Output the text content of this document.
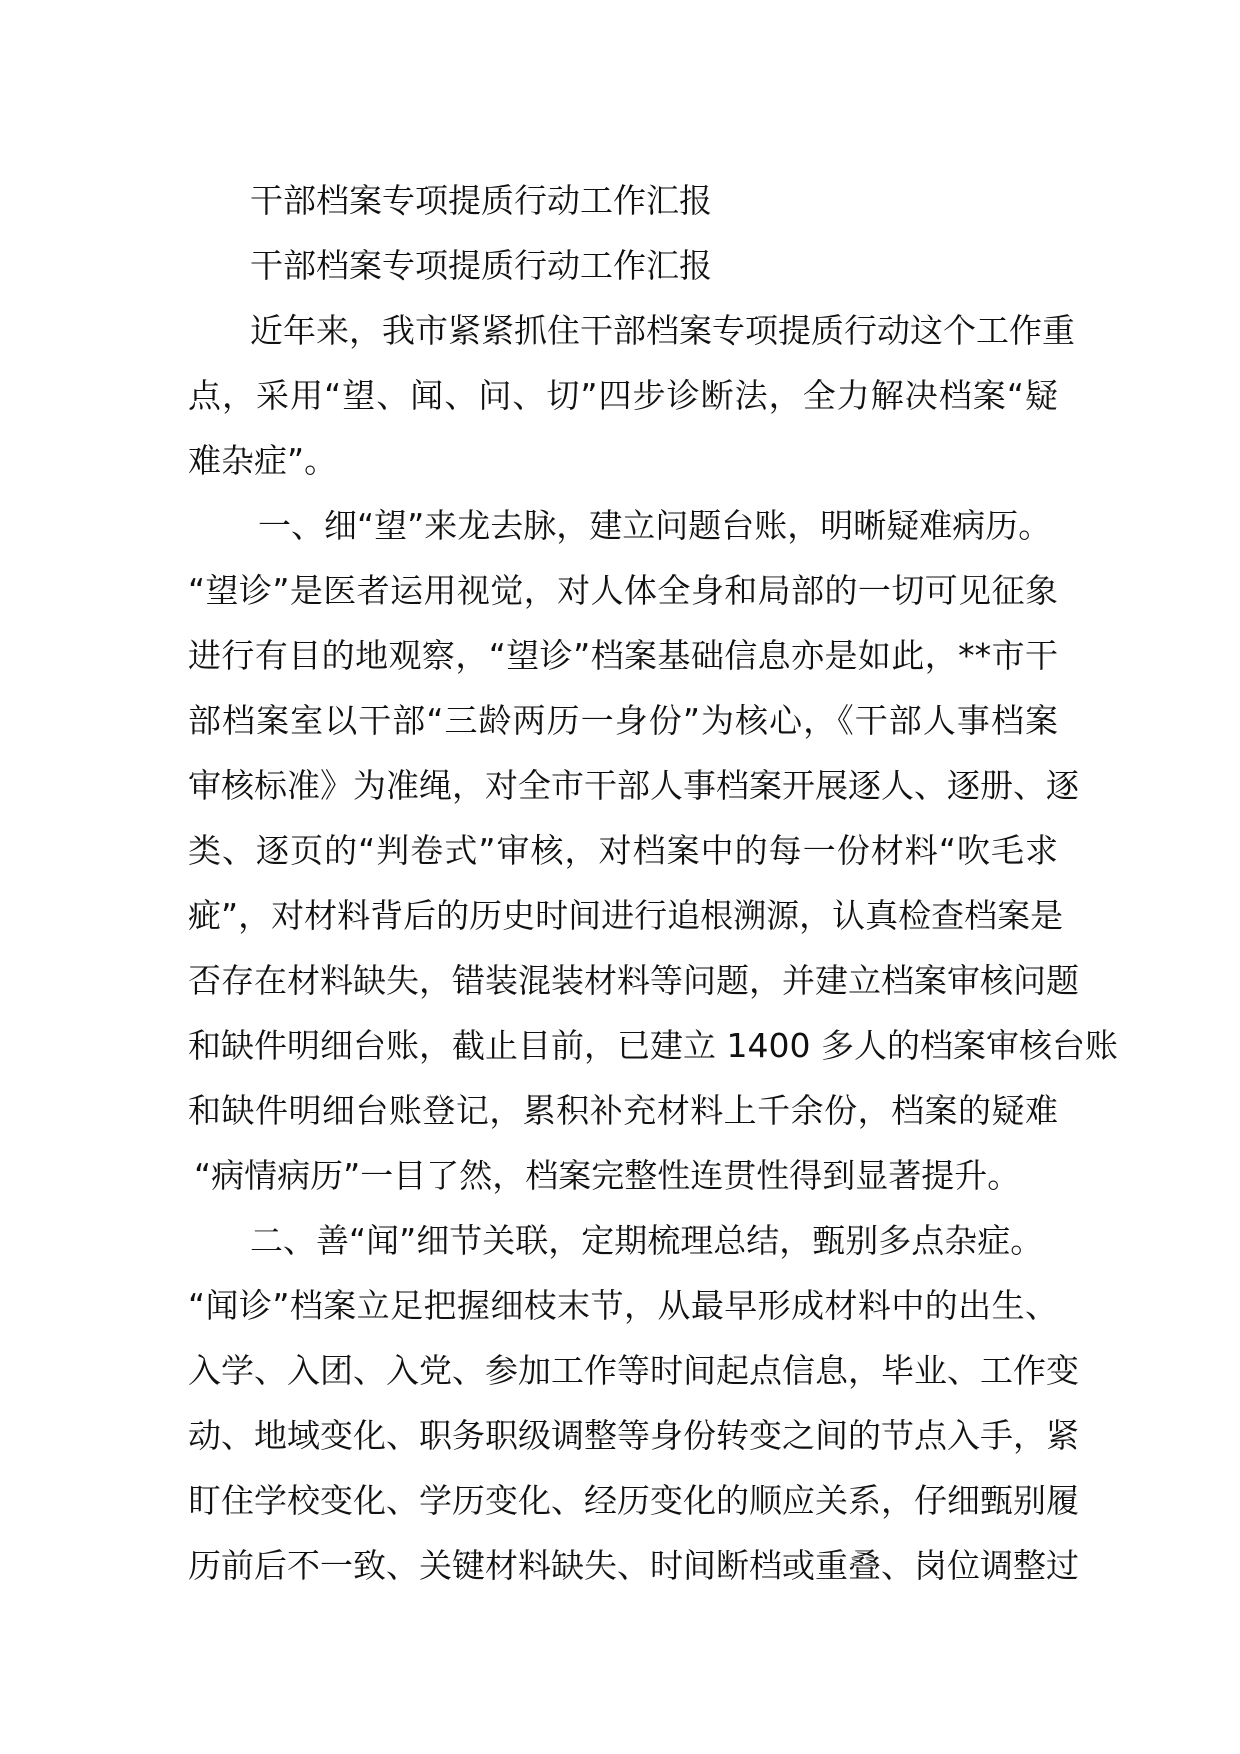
干部档案专项提质行动工作汇报
干部档案专项提质行动工作汇报
近年来，我市紧紧抓住干部档案专项提质行动这个工作重
点，采用“望、闻、问、切”四步诊断法，全力解决档案“疑
难杂症”。
一、细“望”来龙去脉，建立问题台账，明晰疑难病历。
“望诊”是医者运用视觉，对人体全身和局部的一切可见征象
进行有目的地观察，“望诊”档案基础信息亦是如此，**市干
部档案室以干部“三龄两历一身份”为核心，《干部人事档案
审核标准》为准绳，对全市干部人事档案开展逐人、逐册、逐
类、逐页的“判卷式”审核，对档案中的每一份材料“吹毛求
疵”，对材料背后的历史时间进行追根溯源，认真检查档案是
否存在材料缺失，错装混装材料等问题，并建立档案审核问题
和缺件明细台账，截止目前，已建立 1400 多人的档案审核台账
和缺件明细台账登记，累积补充材料上千余份，档案的疑难
“病情病历”一目了然，档案完整性连贯性得到显著提升。
二、善“闻”细节关联，定期梳理总结，甄别多点杂症。
“闻诊”档案立足把握细枝末节，从最早形成材料中的出生、
入学、入团、入党、参加工作等时间起点信息，毕业、工作变
动、地域变化、职务职级调整等身份转变之间的节点入手，紧
盯住学校变化、学历变化、经历变化的顺应关系，仔细甄别履
历前后不一致、关键材料缺失、时间断档或重叠、岗位调整过
